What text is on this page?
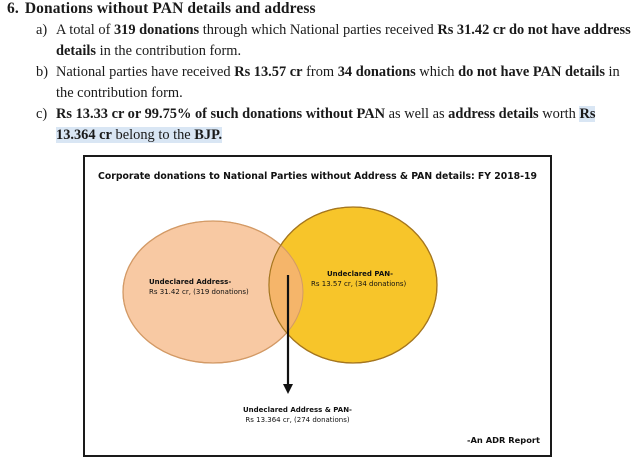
6. Donations without PAN details and address
a) A total of 319 donations through which National parties received Rs 31.42 cr do not have address details in the contribution form.
b) National parties have received Rs 13.57 cr from 34 donations which do not have PAN details in the contribution form.
c) Rs 13.33 cr or 99.75% of such donations without PAN as well as address details worth Rs 13.364 cr belong to the BJP.
Corporate donations to National Parties without Address & PAN details: FY 2018-19
Undeclared Address-
Rs 31.42 cr, (319 donations)
Undeclared PAN-
Rs 13.57 cr, (34 donations)
Undeclared Address & PAN-
Rs 13.364 cr, (274 donations)
-An ADR Report
